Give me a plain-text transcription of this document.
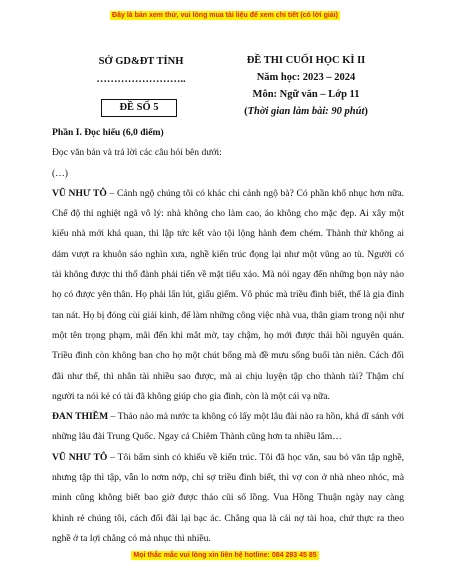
Đây là bản xem thử, vui lòng mua tài liệu để xem chi tiết (có lời giải)
SỞ GD&ĐT TỈNH
……………………..
ĐỀ SỐ 5
ĐỀ THI CUỐI HỌC KÌ II
Năm học: 2023 – 2024
Môn: Ngữ văn – Lớp 11
(Thời gian làm bài: 90 phút)

Phần I. Đọc hiểu (6,0 điểm)

Đọc văn bản và trả lời các câu hỏi bên dưới:

(…)

VŨ NHƯ TÔ – Cảnh ngộ chúng tôi có khác chi cảnh ngộ bà? Có phần khổ nhục hơn nữa. Chế độ thi nghiệt ngã vô lý: nhà không cho làm cao, áo không cho mặc đẹp. Ai xây một kiểu nhà mới khả quan, thì lập tức kết vào tội lộng hành đem chém. Thành thử không ai dám vượt ra khuôn sáo nghìn xưa, nghề kiến trúc đọng lại như một vũng ao tù. Người có tài không được thi thố đành phải tiến về mặt tiểu xảo. Mà nói ngay đến những bọn này nào họ có được yên thân. Họ phải lẩn lút, giấu giếm. Vô phúc mà triều đình biết, thế là gia đình tan nát. Họ bị đóng cùi giải kinh, để làm những công việc nhà vua, thân giam trong nội như một tên trọng phạm, mãi đến khi mắt mờ, tay chậm, họ mới được thải hồi nguyên quán. Triều đình còn không ban cho họ một chút bổng mà đề mưu sống buổi tàn niên. Cách đối đãi như thế, thì nhân tài nhiều sao được, mà ai chịu luyện tập cho thành tài? Thậm chí người ta nói kẻ có tài đã không giúp cho gia đình, còn là một cái vạ nữa.

ĐAN THIỀM – Thảo nào mà nước ta không có lấy một lâu đài nào ra hồn, khả dĩ sánh với những lâu đài Trung Quốc. Ngay cả Chiêm Thành cũng hơn ta nhiều lắm…

VŨ NHƯ TÔ – Tôi bẩm sinh có khiếu về kiến trúc. Tôi đã học văn, sau bỏ văn tập nghề, nhưng tập thì tập, vẫn lo nơm nớp, chỉ sợ triều đình biết, thì vợ con ở nhà nheo nhóc, mà mình cũng không biết bao giờ được tháo cũi sổ lồng. Vua Hồng Thuận ngày nay càng khinh rẻ chúng tôi, cách đối đãi lại bạc ác. Chẳng qua là cái nợ tài hoa, chứ thực ra theo nghề ở ta lợi chẳng có mà nhục thì nhiều.

Mọi thắc mắc vui lòng xin liên hệ hotline: 084 283 45 85
